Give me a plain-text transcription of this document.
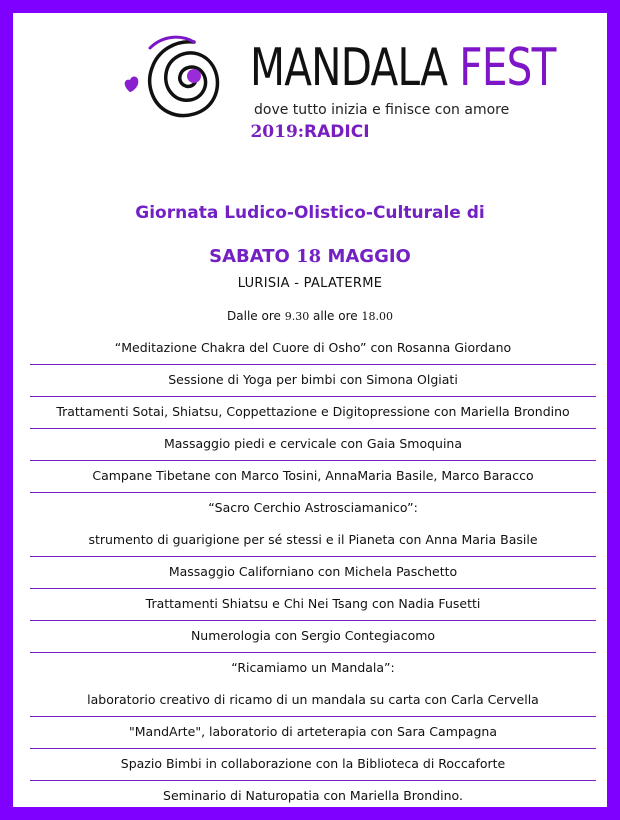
MANDALA FEST
dove tutto inizia e finisce con amore
2019:RADICI
Giornata Ludico-Olistico-Culturale di
SABATO 18 MAGGIO
LURISIA - PALATERME
Dalle ore 9.30 alle ore 18.00
“Meditazione Chakra del Cuore di Osho” con Rosanna Giordano
Sessione di Yoga per bimbi con Simona Olgiati
Trattamenti Sotai, Shiatsu, Coppettazione e Digitopressione con Mariella Brondino
Massaggio piedi e cervicale con Gaia Smoquina
Campane Tibetane con Marco Tosini, AnnaMaria Basile, Marco Baracco
“Sacro Cerchio Astrosciamanico”:
strumento di guarigione per sé stessi e il Pianeta con Anna Maria Basile
Massaggio Californiano con Michela Paschetto
Trattamenti Shiatsu e Chi Nei Tsang con Nadia Fusetti
Numerologia con Sergio Contegiacomo
“Ricamiamo un Mandala”:
laboratorio creativo di ricamo di un mandala su carta con Carla Cervella
"MandArte", laboratorio di arteterapia con Sara Campagna
Spazio Bimbi in collaborazione con la Biblioteca di Roccaforte
Seminario di Naturopatia con Mariella Brondino.
